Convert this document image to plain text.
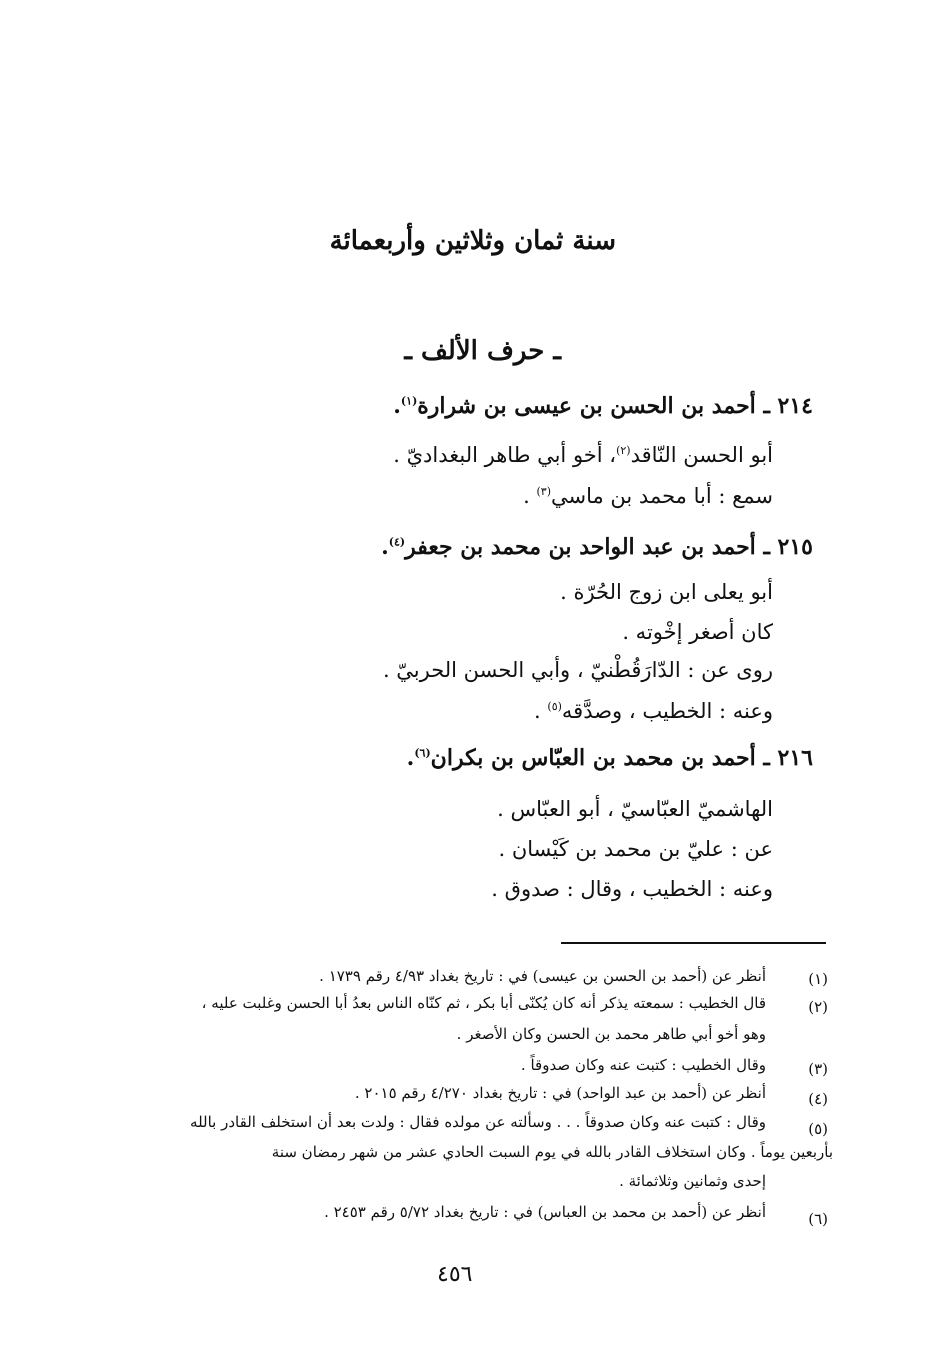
سنة ثمان وثلاثين وأربعمائة
ـ حرف الألف ـ
٢١٤ ـ أحمد بن الحسن بن عيسى بن شرارة$^{(١)}$.
أبو الحسن النّاقد$^{(٢)}$، أخو أبي طاهر البغداديّ .
سمع : أبا محمد بن ماسي$^{(٣)}$ .
٢١٥ ـ أحمد بن عبد الواحد بن محمد بن جعفر$^{(٤)}$.
أبو يعلى ابن زوج الحُرّة .
كان أصغر إخْوته .
روى عن : الدّارَقُطْنيّ ، وأبي الحسن الحربيّ .
وعنه : الخطيب ، وصدَّقه$^{(٥)}$ .
٢١٦ ـ أحمد بن محمد بن العبّاس بن بكران$^{(٦)}$.
الهاشميّ العبّاسيّ ، أبو العبّاس .
عن : عليّ بن محمد بن كَيْسان .
وعنه : الخطيب ، وقال : صدوق .
(١)
أنظر عن (أحمد بن الحسن بن عيسى) في : تاريخ بغداد ٤/٩٣ رقم ١٧٣٩ .
(٢)
قال الخطيب : سمعته يذكر أنه كان يُكنّى أبا بكر ، ثم كنّاه الناس بعدُ أبا الحسن وغلبت عليه ،
وهو أخو أبي طاهر محمد بن الحسن وكان الأصغر .
(٣)
وقال الخطيب : كتبت عنه وكان صدوقاً .
(٤)
أنظر عن (أحمد بن عبد الواحد) في : تاريخ بغداد ٤/٢٧٠ رقم ٢٠١٥ .
(٥)
وقال : كتبت عنه وكان صدوقاً . . . وسألته عن مولده فقال : ولدت بعد أن استخلف القادر بالله
بأربعين يوماً . وكان استخلاف القادر بالله في يوم السبت الحادي عشر من شهر رمضان سنة
إحدى وثمانين وثلاثمائة .
(٦)
أنظر عن (أحمد بن محمد بن العباس) في : تاريخ بغداد ٥/٧٢ رقم ٢٤٥٣ .
٤٥٦
